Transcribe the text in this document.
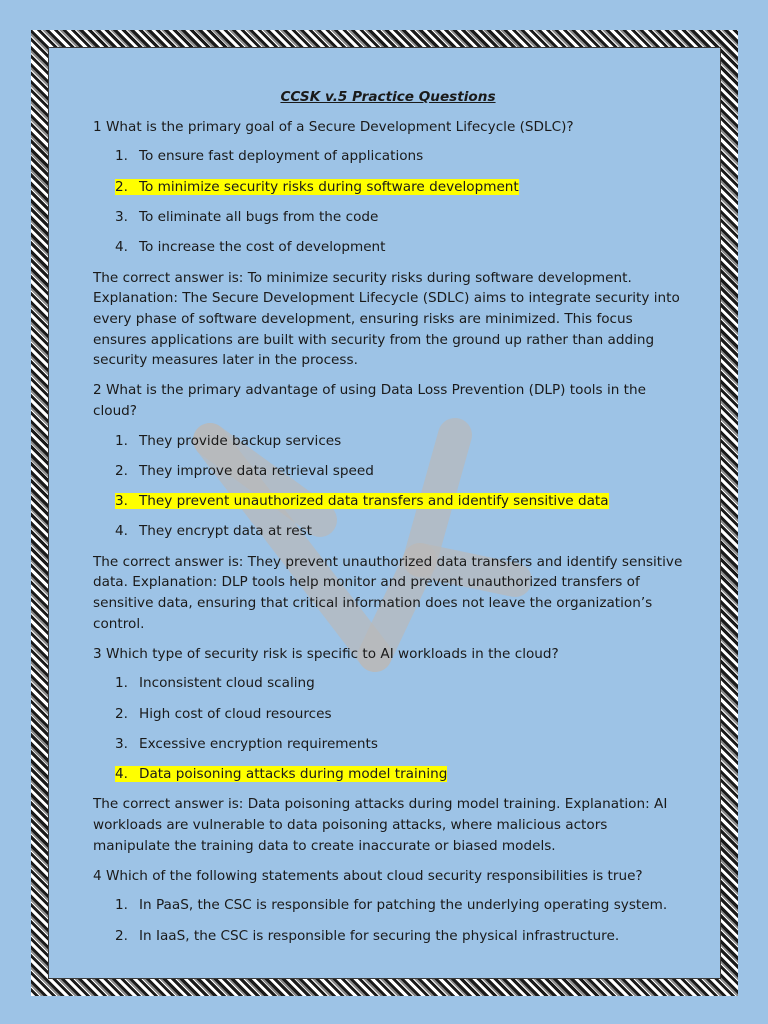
CCSK v.5 Practice Questions
1 What is the primary goal of a Secure Development Lifecycle (SDLC)?
1. To ensure fast deployment of applications
2. To minimize security risks during software development
3. To eliminate all bugs from the code
4. To increase the cost of development
The correct answer is: To minimize security risks during software development. Explanation: The Secure Development Lifecycle (SDLC) aims to integrate security into every phase of software development, ensuring risks are minimized. This focus ensures applications are built with security from the ground up rather than adding security measures later in the process.
2 What is the primary advantage of using Data Loss Prevention (DLP) tools in the cloud?
1. They provide backup services
2. They improve data retrieval speed
3. They prevent unauthorized data transfers and identify sensitive data
4. They encrypt data at rest
The correct answer is: They prevent unauthorized data transfers and identify sensitive data. Explanation: DLP tools help monitor and prevent unauthorized transfers of sensitive data, ensuring that critical information does not leave the organization’s control.
3 Which type of security risk is specific to AI workloads in the cloud?
1. Inconsistent cloud scaling
2. High cost of cloud resources
3. Excessive encryption requirements
4. Data poisoning attacks during model training
The correct answer is: Data poisoning attacks during model training. Explanation: AI workloads are vulnerable to data poisoning attacks, where malicious actors manipulate the training data to create inaccurate or biased models.
4 Which of the following statements about cloud security responsibilities is true?
1. In PaaS, the CSC is responsible for patching the underlying operating system.
2. In IaaS, the CSC is responsible for securing the physical infrastructure.
